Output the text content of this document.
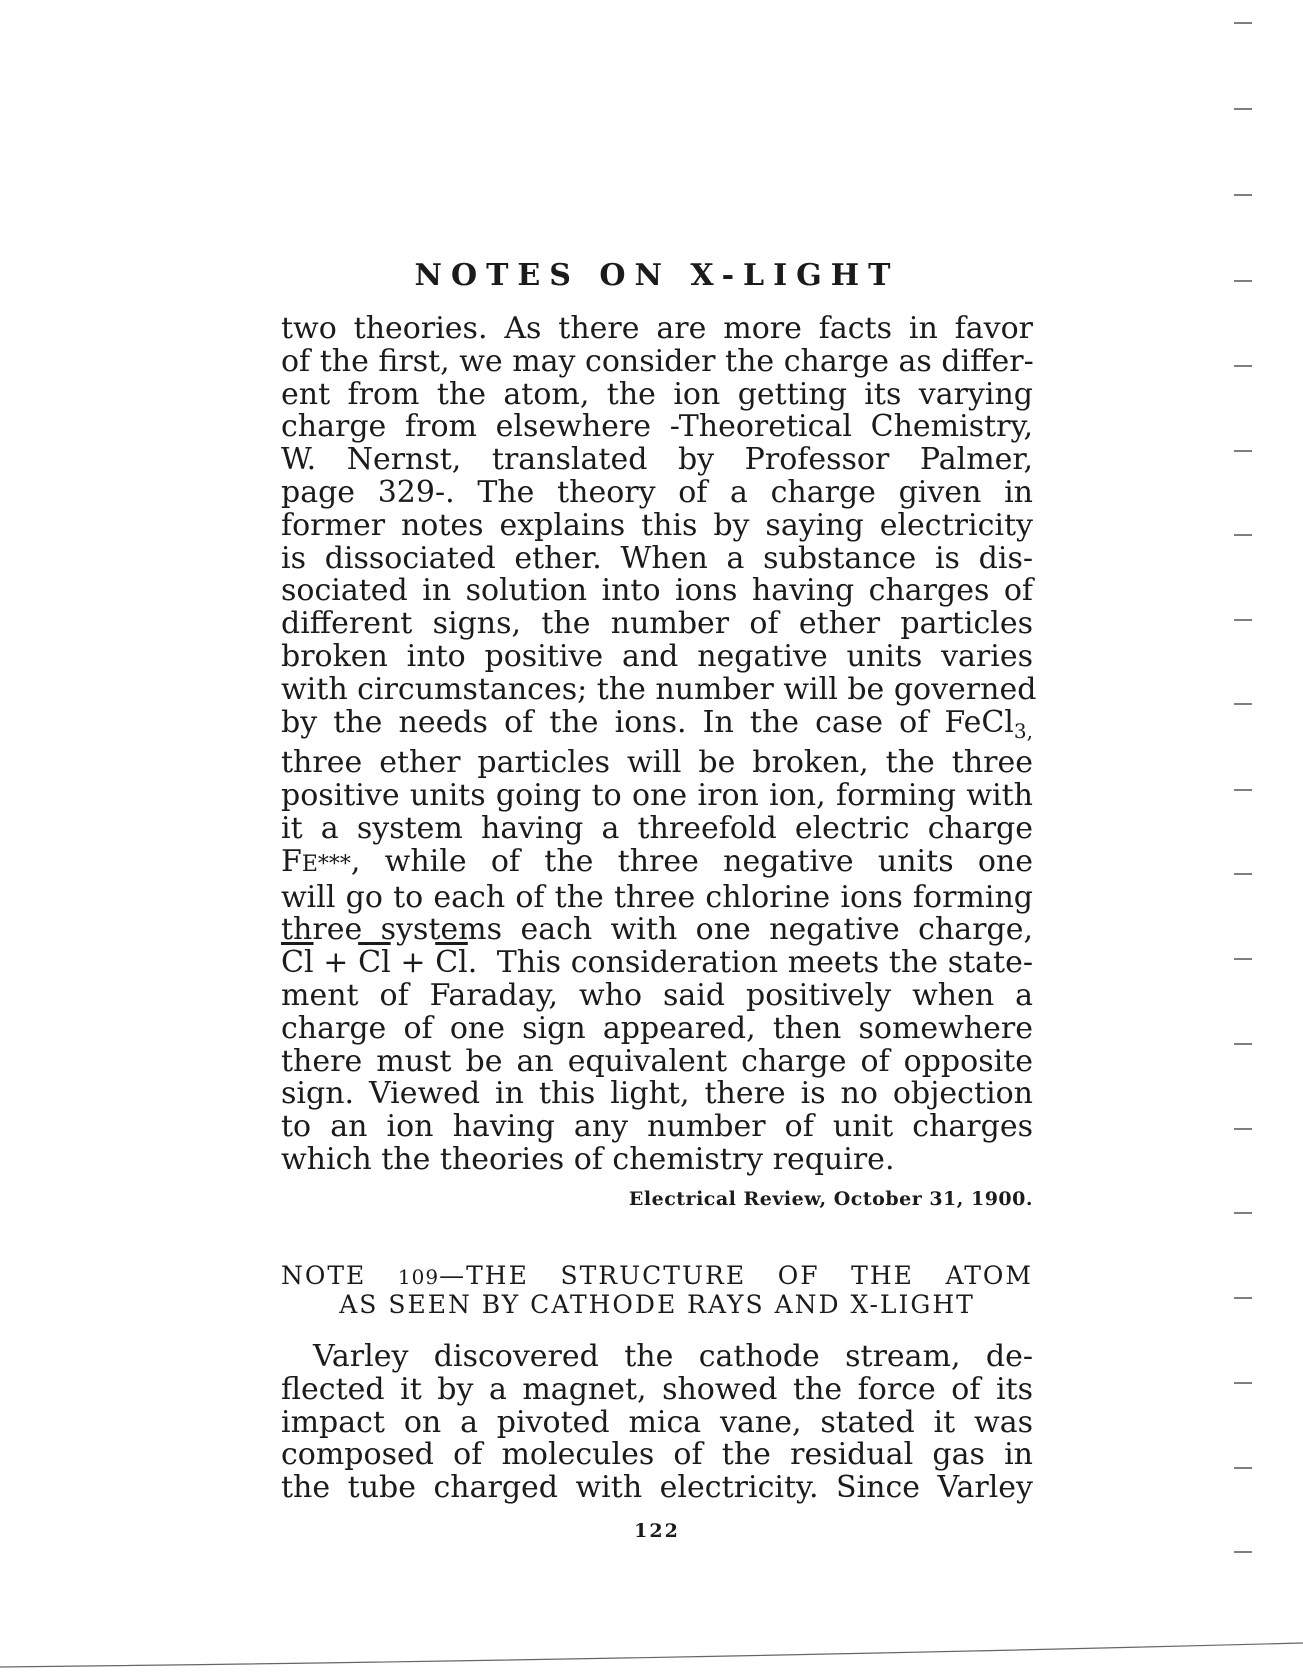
NOTES ON X-LIGHT
two theories. As there are more facts in favor
of the first, we may consider the charge as differ-
ent from the atom, the ion getting its varying
charge from elsewhere -Theoretical Chemistry,
W. Nernst, translated by Professor Palmer,
page 329-. The theory of a charge given in
former notes explains this by saying electricity
is dissociated ether. When a substance is dis-
sociated in solution into ions having charges of
different signs, the number of ether particles
broken into positive and negative units varies
with circumstances; the number will be governed
by the needs of the ions. In the case of FeCl$_{3,}$
three ether particles will be broken, the three
positive units going to one iron ion, forming with
it a system having a threefold electric charge
FE***, while of the three negative units one
will go to each of the three chlorine ions forming
three systems each with one negative charge,
$\overline{Cl} + \overline{Cl} + \overline{Cl}$.  This consideration meets the state-
ment of Faraday, who said positively when a
charge of one sign appeared, then somewhere
there must be an equivalent charge of opposite
sign. Viewed in this light, there is no objection
to an ion having any number of unit charges
which the theories of chemistry require.
Electrical Review, October 31, 1900.
NOTE 109—THE STRUCTURE OF THE ATOM
AS SEEN BY CATHODE RAYS AND X-LIGHT
Varley discovered the cathode stream, de-
flected it by a magnet, showed the force of its
impact on a pivoted mica vane, stated it was
composed of molecules of the residual gas in
the tube charged with electricity. Since Varley
122
